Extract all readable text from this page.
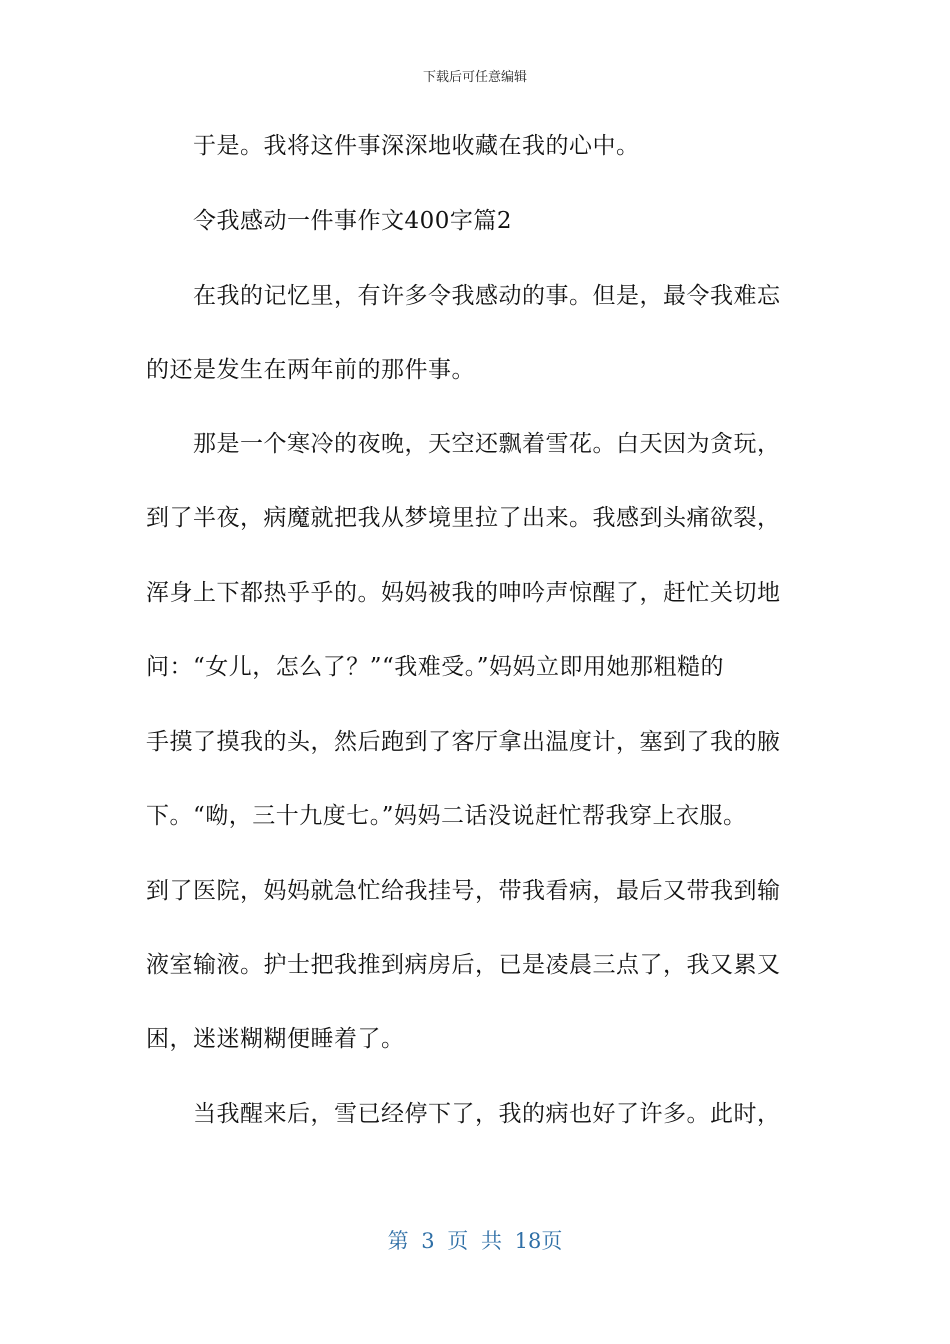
下载后可任意编辑
于是。我将这件事深深地收藏在我的心中。
令我感动一件事作文400字篇2
在我的记忆里，有许多令我感动的事。但是，最令我难忘
的还是发生在两年前的那件事。
那是一个寒冷的夜晚，天空还飘着雪花。白天因为贪玩，
到了半夜，病魔就把我从梦境里拉了出来。我感到头痛欲裂，
浑身上下都热乎乎的。妈妈被我的呻吟声惊醒了，赶忙关切地
问：“女儿，怎么了？”“我难受。”妈妈立即用她那粗糙的
手摸了摸我的头，然后跑到了客厅拿出温度计，塞到了我的腋
下。“呦，三十九度七。”妈妈二话没说赶忙帮我穿上衣服。
到了医院，妈妈就急忙给我挂号，带我看病，最后又带我到输
液室输液。护士把我推到病房后，已是凌晨三点了，我又累又
困，迷迷糊糊便睡着了。
当我醒来后，雪已经停下了，我的病也好了许多。此时，
第 3 页 共 18页
